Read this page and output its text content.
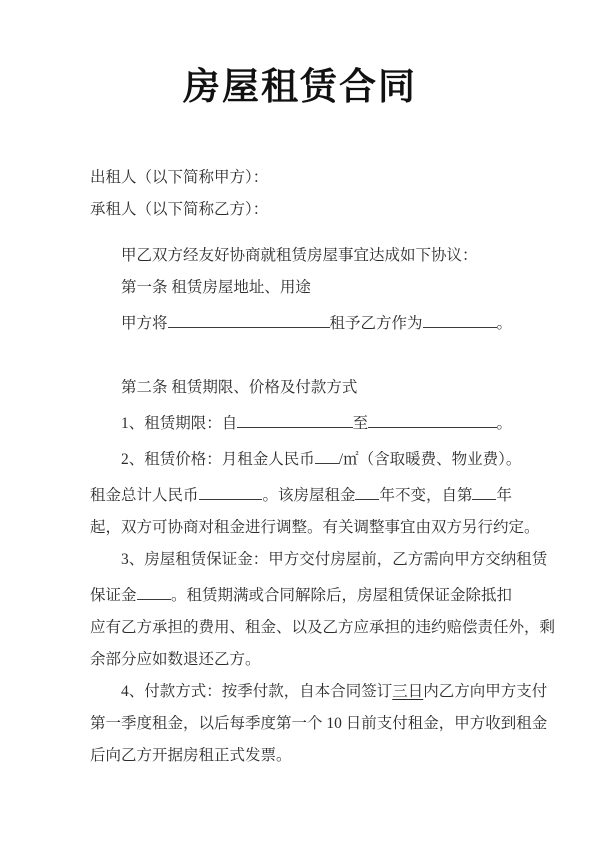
房屋租赁合同
出租人（以下简称甲方）：
承租人（以下简称乙方）：
甲乙双方经友好协商就租赁房屋事宜达成如下协议：
第一条 租赁房屋地址、用途
甲方将	租予乙方作为	。
第二条 租赁期限、价格及付款方式
1、租赁期限：自	至	。
2、租赁价格：月租金人民币 /㎡（含取暖费、物业费）。
租金总计人民币	。该房屋租金 年不变，自第 年
起，双方可协商对租金进行调整。有关调整事宜由双方另行约定。
3、房屋租赁保证金：甲方交付房屋前，乙方需向甲方交纳租赁
保证金 。租赁期满或合同解除后，房屋租赁保证金除抵扣
应有乙方承担的费用、租金、以及乙方应承担的违约赔偿责任外，剩
余部分应如数退还乙方。
4、付款方式：按季付款，自本合同签订 三日 内乙方向甲方支付
第一季度租金，以后每季度第一个 10 日前支付租金，甲方收到租金
后向乙方开据房租正式发票。
